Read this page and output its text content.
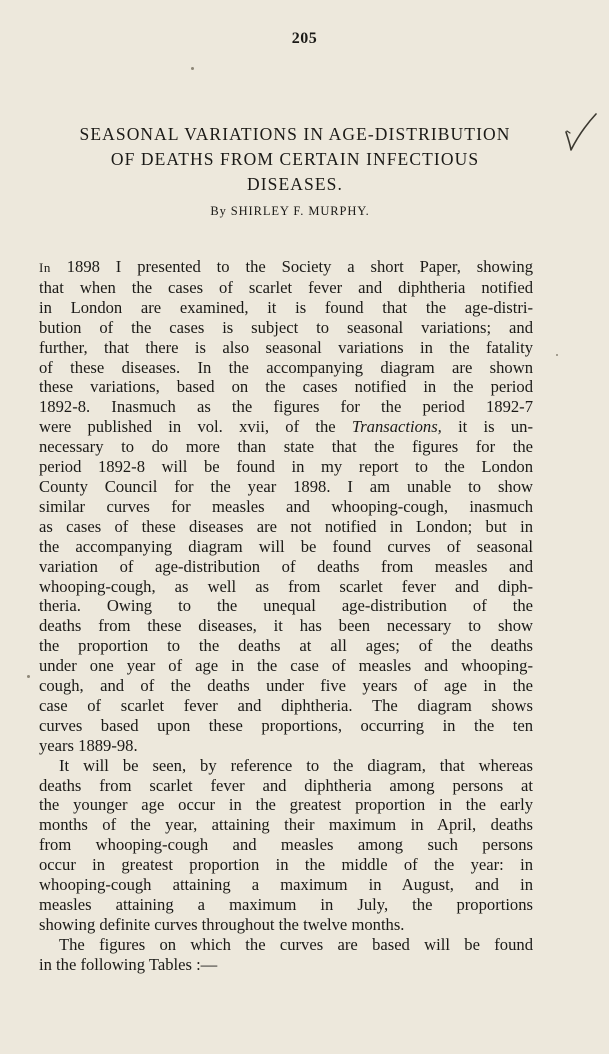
205
SEASONAL VARIATIONS IN AGE-DISTRIBUTION
OF DEATHS FROM CERTAIN INFECTIOUS
DISEASES.
By SHIRLEY F. MURPHY.
In 1898 I presented to the Society a short Paper, showing
that when the cases of scarlet fever and diphtheria notified
in London are examined, it is found that the age-distri-
bution of the cases is subject to seasonal variations; and
further, that there is also seasonal variations in the fatality
of these diseases. In the accompanying diagram are shown
these variations, based on the cases notified in the period
1892-8. Inasmuch as the figures for the period 1892-7
were published in vol. xvii, of the Transactions, it is un-
necessary to do more than state that the figures for the
period 1892-8 will be found in my report to the London
County Council for the year 1898. I am unable to show
similar curves for measles and whooping-cough, inasmuch
as cases of these diseases are not notified in London; but in
the accompanying diagram will be found curves of seasonal
variation of age-distribution of deaths from measles and
whooping-cough, as well as from scarlet fever and diph-
theria. Owing to the unequal age-distribution of the
deaths from these diseases, it has been necessary to show
the proportion to the deaths at all ages; of the deaths
under one year of age in the case of measles and whooping-
cough, and of the deaths under five years of age in the
case of scarlet fever and diphtheria. The diagram shows
curves based upon these proportions, occurring in the ten
years 1889-98.
It will be seen, by reference to the diagram, that whereas
deaths from scarlet fever and diphtheria among persons at
the younger age occur in the greatest proportion in the early
months of the year, attaining their maximum in April, deaths
from whooping-cough and measles among such persons
occur in greatest proportion in the middle of the year: in
whooping-cough attaining a maximum in August, and in
measles attaining a maximum in July, the proportions
showing definite curves throughout the twelve months.
The figures on which the curves are based will be found
in the following Tables :—
